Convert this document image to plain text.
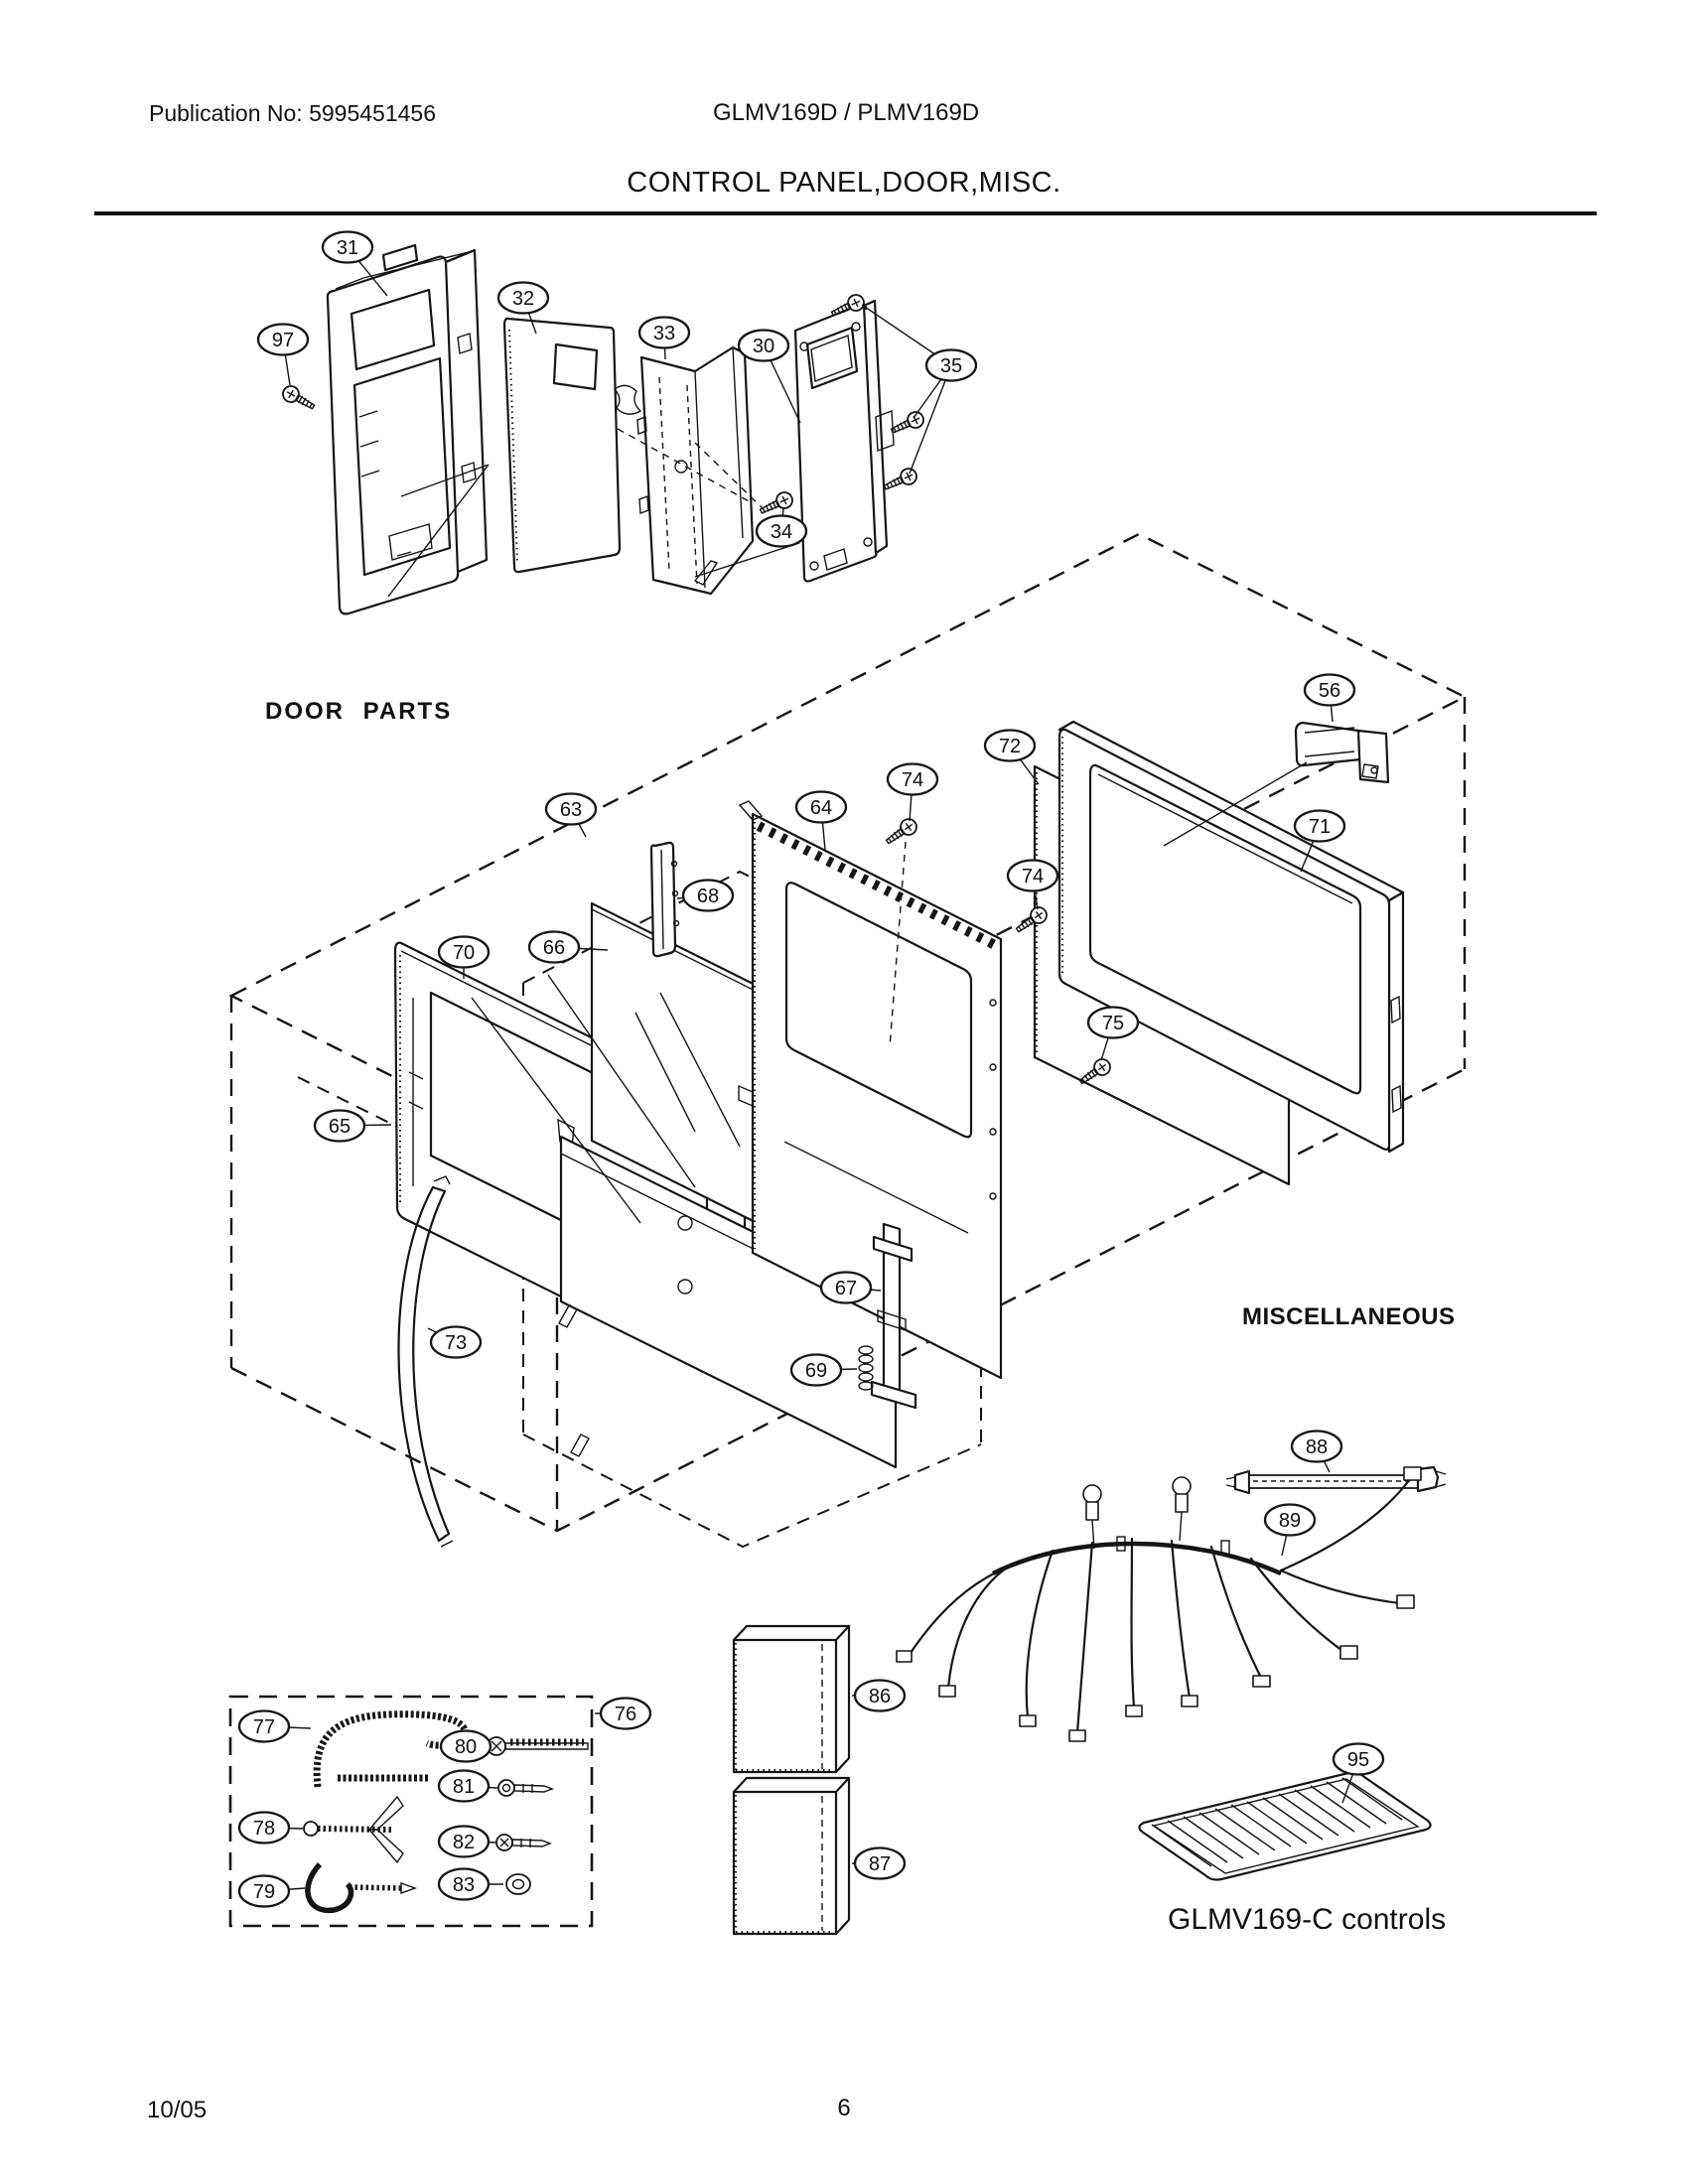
Publication No: 5995451456	GLMV169D / PLMV169D
CONTROL PANEL,DOOR,MISC.
DOOR PARTS
MISCELLANEOUS
GLMV169-C controls
31
97
32
33
30
35
34
63	64
74
72
56
71
68
74
75
70	66
65
67
69
73
76
77
80
81
78
82
79	83
86
87
88
89
95
10/05	6
